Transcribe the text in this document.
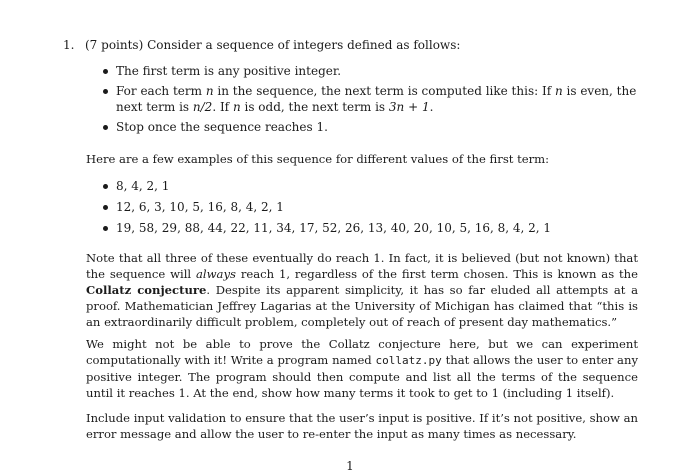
1. (7 points) Consider a sequence of integers defined as follows:
The first term is any positive integer.
For each term n in the sequence, the next term is computed like this: If n is even, the next term is n/2. If n is odd, the next term is 3n + 1.
Stop once the sequence reaches 1.
Here are a few examples of this sequence for different values of the first term:
8, 4, 2, 1
12, 6, 3, 10, 5, 16, 8, 4, 2, 1
19, 58, 29, 88, 44, 22, 11, 34, 17, 52, 26, 13, 40, 20, 10, 5, 16, 8, 4, 2, 1
Note that all three of these eventually do reach 1. In fact, it is believed (but not known) that the sequence will always reach 1, regardless of the first term chosen. This is known as the Collatz conjecture. Despite its apparent simplicity, it has so far eluded all attempts at a proof. Mathematician Jeffrey Lagarias at the University of Michigan has claimed that “this is an extraordinarily difficult problem, completely out of reach of present day mathematics.”
We might not be able to prove the Collatz conjecture here, but we can experiment computationally with it! Write a program named collatz.py that allows the user to enter any positive integer. The program should then compute and list all the terms of the sequence until it reaches 1. At the end, show how many terms it took to get to 1 (including 1 itself).
Include input validation to ensure that the user’s input is positive. If it’s not positive, show an error message and allow the user to re-enter the input as many times as necessary.
1
